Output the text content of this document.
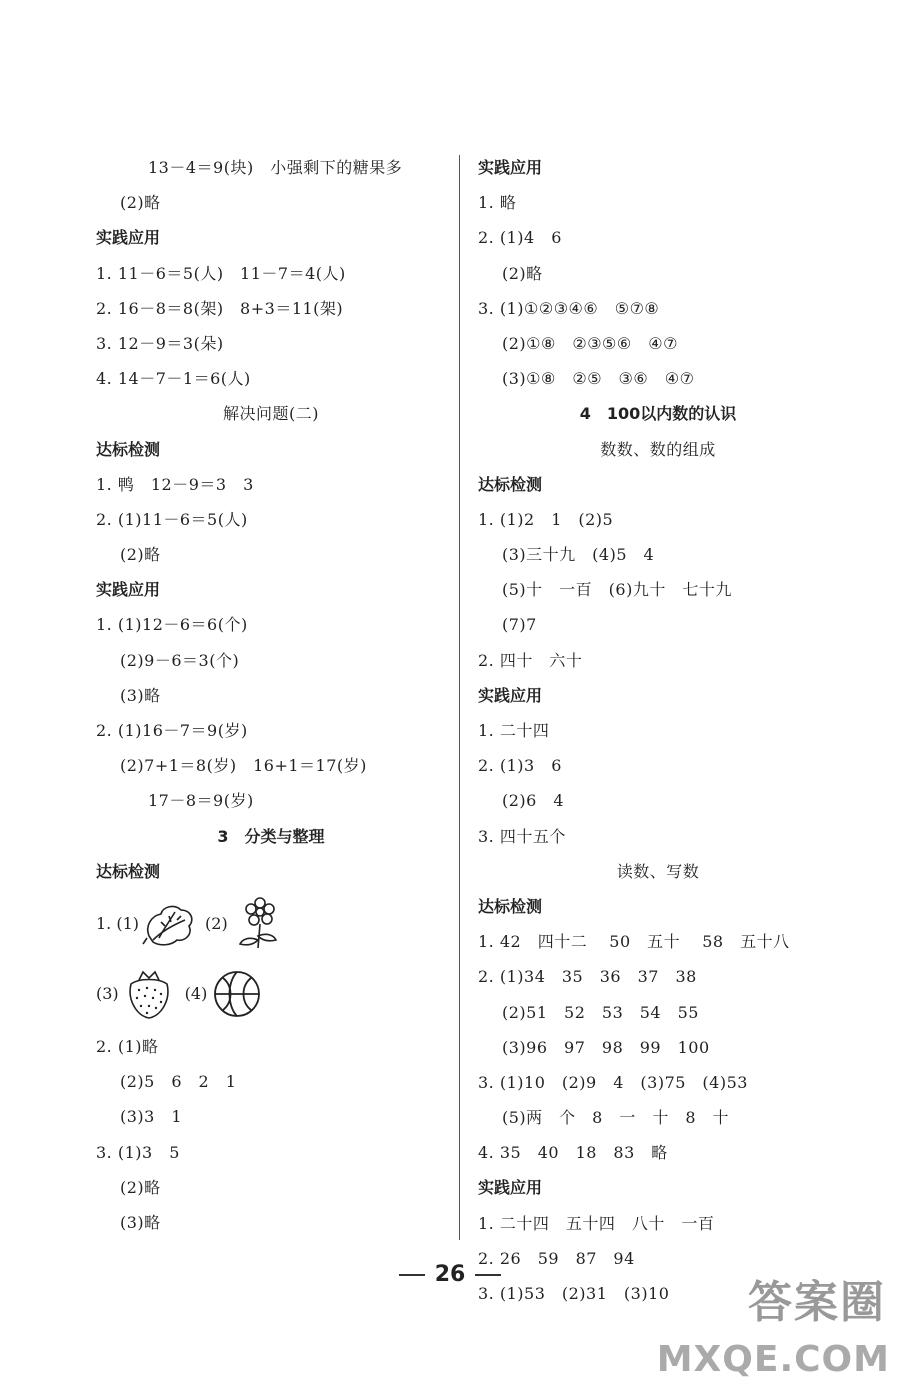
13－4＝9(块)　小强剩下的糖果多
(2)略
实践应用
1. 11－6＝5(人)　11－7＝4(人)
2. 16－8＝8(架)　8+3＝11(架)
3. 12－9＝3(朵)
4. 14－7－1＝6(人)
解决问题(二)
达标检测
1. 鸭　12－9＝3　3
2. (1)11－6＝5(人)
(2)略
实践应用
1. (1)12－6＝6(个)
(2)9－6＝3(个)
(3)略
2. (1)16－7＝9(岁)
(2)7+1＝8(岁)　16+1＝17(岁)
17－8＝9(岁)
3　分类与整理
达标检测
1. (1)	(2)
(3)	(4)
2. (1)略
(2)5　6　2　1
(3)3　1
3. (1)3　5
(2)略
(3)略
实践应用
1. 略
2. (1)4　6
(2)略
3. (1)①②③④⑥　⑤⑦⑧
(2)①⑧　②③⑤⑥　④⑦
(3)①⑧　②⑤　③⑥　④⑦
4　100以内数的认识
数数、数的组成
达标检测
1. (1)2　1　(2)5
(3)三十九　(4)5　4
(5)十　一百　(6)九十　七十九
(7)7
2. 四十　六十
实践应用
1. 二十四
2. (1)3　6
(2)6　4
3. 四十五个
读数、写数
达标检测
1. 42　四十二　 50　五十　 58　五十八
2. (1)34　35　36　37　38
(2)51　52　53　54　55
(3)96　97　98　99　100
3. (1)10　(2)9　4　(3)75　(4)53
(5)两　个　8　一　十　8　十
4. 35　40　18　83　略
实践应用
1. 二十四　五十四　八十　一百
2. 26　59　87　94
3. (1)53　(2)31　(3)10
26
答案圈
MXQE.COM
